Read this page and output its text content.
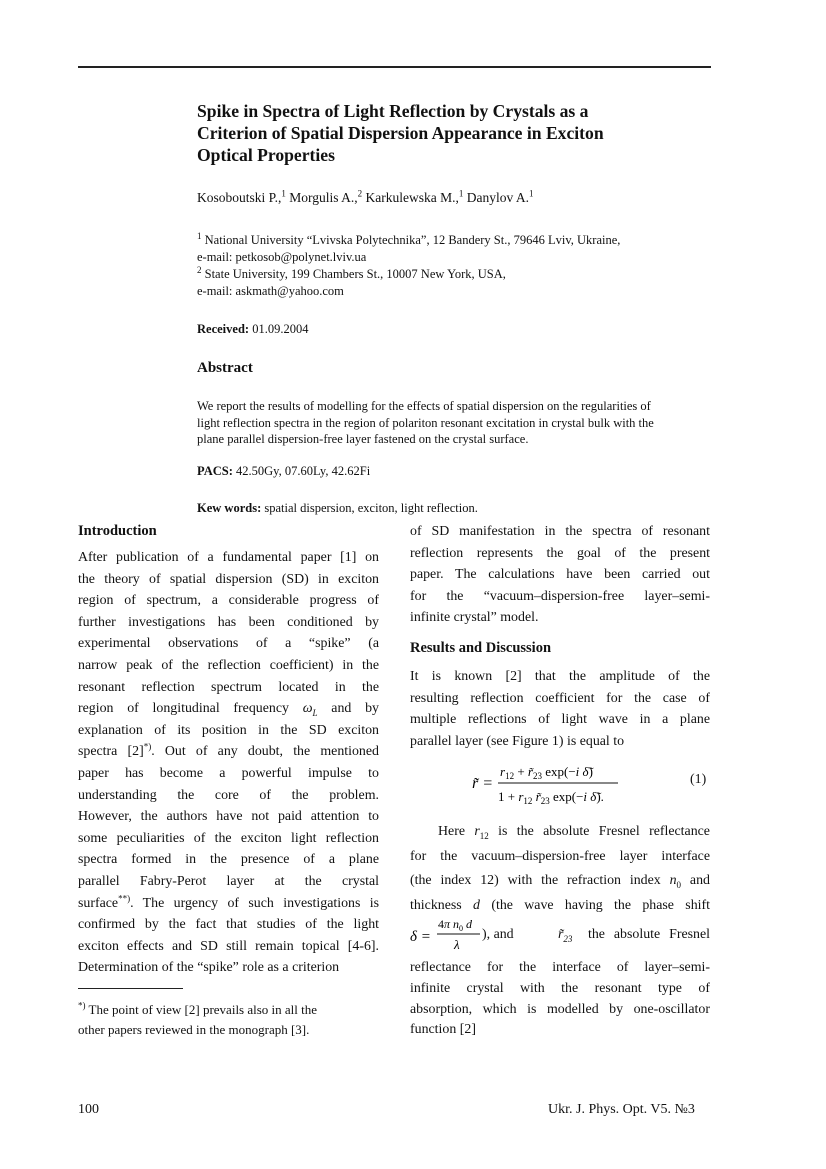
Spike in Spectra of Light Reflection by Crystals as a
Criterion of Spatial Dispersion Appearance in Exciton
Optical Properties
Kosoboutski P.,$^1$ Morgulis A.,$^2$ Karkulewska M.,$^1$ Danylov A.$^1$
$^1$ National University “Lvivska Polytechnika”, 12 Bandery St., 79646 Lviv, Ukraine,
e-mail: petkosob@polynet.lviv.ua
$^2$ State University, 199 Chambers St., 10007 New York, USA,
e-mail: askmath@yahoo.com
Received: 01.09.2004
Abstract
We report the results of modelling for the effects of spatial dispersion on the regularities of
light reflection spectra in the region of polariton resonant excitation in crystal bulk with the
plane parallel dispersion-free layer fastened on the crystal surface.
PACS: 42.50Gy, 07.60Ly, 42.62Fi
Kew words: spatial dispersion, exciton, light reflection.
Introduction
After publication of a fundamental paper [1] on
the theory of spatial dispersion (SD) in exciton
region of spectrum, a considerable progress of
further investigations has been conditioned by
experimental observations of a “spike” (a
narrow peak of the reflection coefficient) in the
resonant reflection spectrum located in the
region of longitudinal frequency $\omega_L$ and by
explanation of its position in the SD exciton
spectra [2]*). Out of any doubt, the mentioned
paper has become a powerful impulse to
understanding the core of the problem.
However, the authors have not paid attention to
some peculiarities of the exciton light reflection
spectra formed in the presence of a plane
parallel Fabry-Perot layer at the crystal
surface**). The urgency of such investigations is
confirmed by the fact that studies of the light
exciton effects and SD still remain topical [4-6].
Determination of the “spike” role as a criterion
*) The point of view [2] prevails also in all the
other papers reviewed in the monograph [3].
of SD manifestation in the spectra of resonant
reflection represents the goal of the present
paper. The calculations have been carried out
for the “vacuum–dispersion-free layer–semi-
infinite crystal” model.
Results and Discussion
It is known [2] that the amplitude of the
resulting reflection coefficient for the case of
multiple reflections of light wave in a plane
parallel layer (see Figure 1) is equal to
r̃ =
$r_{12}$ + $r̃_{23}$ exp(−i δ̃)
$1 + r_{12}$ $r̃_{23}$ exp(−i δ̃).
(1)
Here $r_{12}$ is the absolute Fresnel reflectance
for the vacuum–dispersion-free layer interface
(the index 12) with the refraction index $n_0$ and
thickness d (the wave having the phase shift
δ =
4π $n_0$ d
λ
), and	$r̃_{23}$ the absolute Fresnel
reflectance for the interface of layer–semi-
infinite crystal with the resonant type of
absorption, which is modelled by one-oscillator
function [2]
100	Ukr. J. Phys. Opt. V5. №3
